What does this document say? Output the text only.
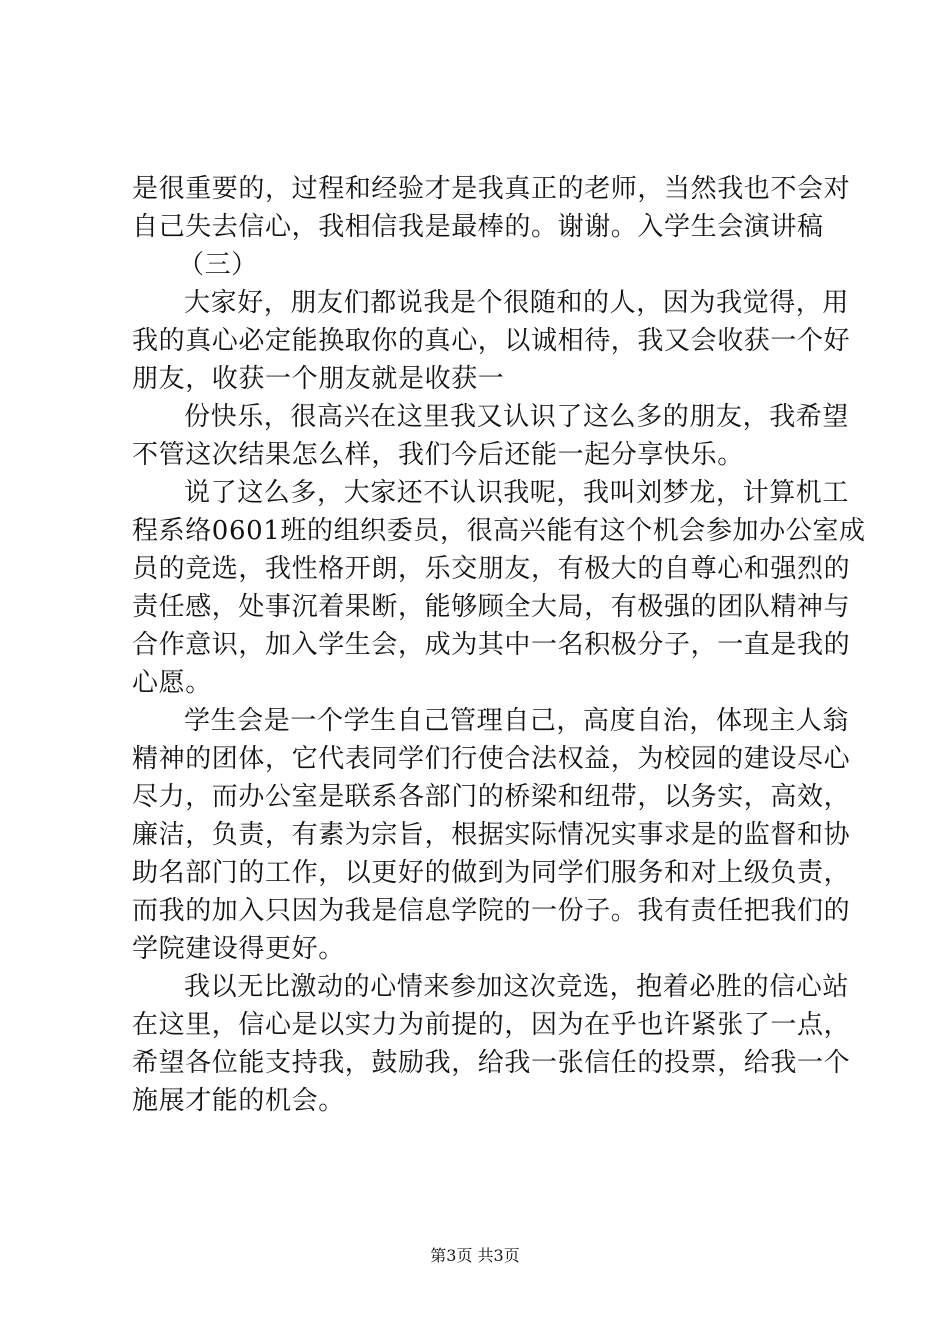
是很重要的，过程和经验才是我真正的老师，当然我也不会对
自己失去信心，我相信我是最棒的。谢谢。入学生会演讲稿
（三）
大家好，朋友们都说我是个很随和的人，因为我觉得，用
我的真心必定能换取你的真心，以诚相待，我又会收获一个好
朋友，收获一个朋友就是收获一
份快乐，很高兴在这里我又认识了这么多的朋友，我希望
不管这次结果怎么样，我们今后还能一起分享快乐。
说了这么多，大家还不认识我呢，我叫刘梦龙，计算机工
程系络0601班的组织委员，很高兴能有这个机会参加办公室成
员的竞选，我性格开朗，乐交朋友，有极大的自尊心和强烈的
责任感，处事沉着果断，能够顾全大局，有极强的团队精神与
合作意识，加入学生会，成为其中一名积极分子，一直是我的
心愿。
学生会是一个学生自己管理自己，高度自治，体现主人翁
精神的团体，它代表同学们行使合法权益，为校园的建设尽心
尽力，而办公室是联系各部门的桥梁和纽带，以务实，高效，
廉洁，负责，有素为宗旨，根据实际情况实事求是的监督和协
助名部门的工作，以更好的做到为同学们服务和对上级负责，
而我的加入只因为我是信息学院的一份子。我有责任把我们的
学院建设得更好。
我以无比激动的心情来参加这次竞选，抱着必胜的信心站
在这里，信心是以实力为前提的，因为在乎也许紧张了一点，
希望各位能支持我，鼓励我，给我一张信任的投票，给我一个
施展才能的机会。
第3页 共3页
